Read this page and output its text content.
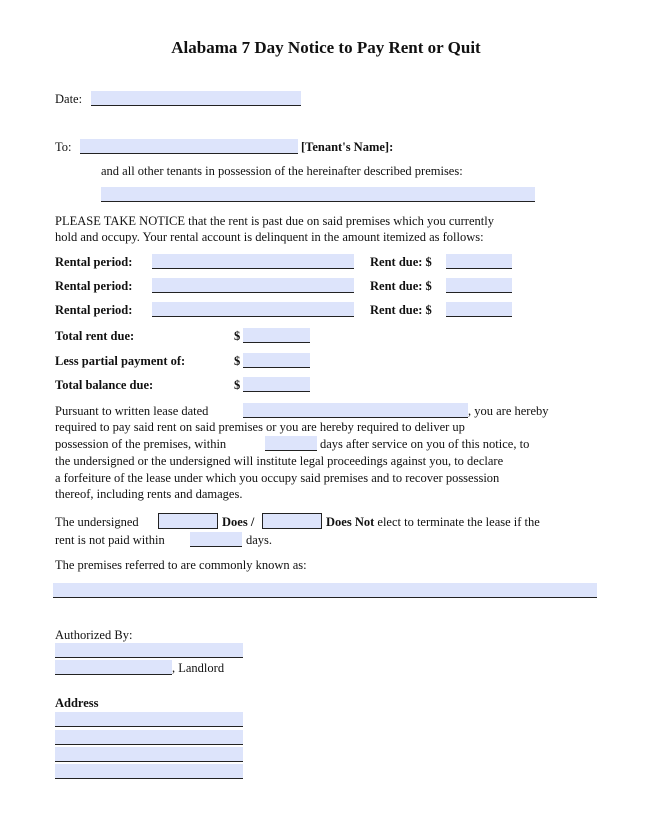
Alabama 7 Day Notice to Pay Rent or Quit
Date:
To:	[Tenant's Name]:
and all other tenants in possession of the hereinafter described premises:
PLEASE TAKE NOTICE that the rent is past due on said premises which you currently
hold and occupy. Your rental account is delinquent in the amount itemized as follows:
Rental period:	Rent due: $
Rental period:	Rent due: $
Rental period:	Rent due: $
Total rent due:	$
Less partial payment of:	$
Total balance due:	$
Pursuant to written lease dated	, you are hereby
required to pay said rent on said premises or you are hereby required to deliver up
possession of the premises, within	days after service on you of this notice, to
the undersigned or the undersigned will institute legal proceedings against you, to declare
a forfeiture of the lease under which you occupy said premises and to recover possession
thereof, including rents and damages.
The undersigned	Does /	Does Not elect to terminate the lease if the
rent is not paid within	days.
The premises referred to are commonly known as:
Authorized By:
, Landlord
Address
